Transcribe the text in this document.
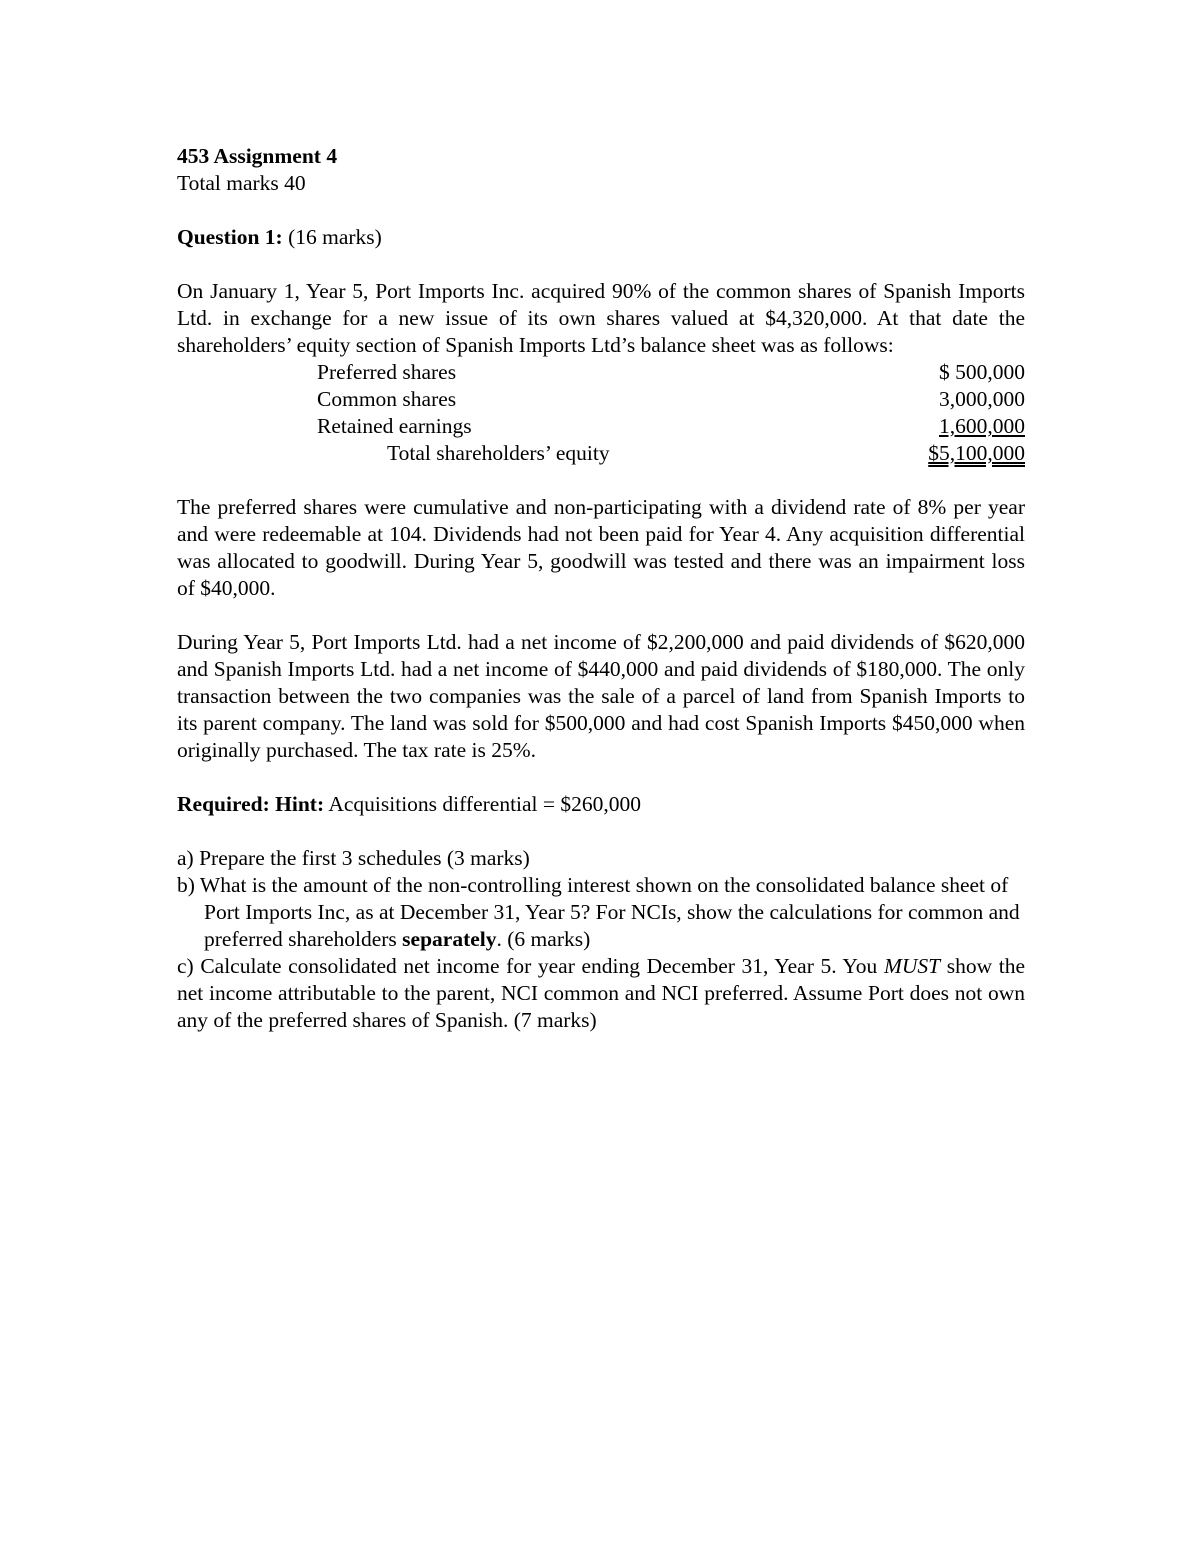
453 Assignment 4

Total marks 40

Question 1: (16 marks)

On January 1, Year 5, Port Imports Inc. acquired 90% of the common shares of Spanish Imports Ltd. in exchange for a new issue of its own shares valued at $4,320,000. At that date the shareholders’ equity section of Spanish Imports Ltd’s balance sheet was as follows:

Preferred shares	$ 500,000
Common shares	3,000,000
Retained earnings	1,600,000
Total shareholders’ equity	$5,100,000

The preferred shares were cumulative and non-participating with a dividend rate of 8% per year and were redeemable at 104. Dividends had not been paid for Year 4. Any acquisition differential was allocated to goodwill. During Year 5, goodwill was tested and there was an impairment loss of $40,000.

During Year 5, Port Imports Ltd. had a net income of $2,200,000 and paid dividends of $620,000 and Spanish Imports Ltd. had a net income of $440,000 and paid dividends of $180,000. The only transaction between the two companies was the sale of a parcel of land from Spanish Imports to its parent company. The land was sold for $500,000 and had cost Spanish Imports $450,000 when originally purchased. The tax rate is 25%.

Required: Hint: Acquisitions differential = $260,000

a) Prepare the first 3 schedules (3 marks)

b) What is the amount of the non-controlling interest shown on the consolidated balance sheet of Port Imports Inc, as at December 31, Year 5? For NCIs, show the calculations for common and preferred shareholders separately. (6 marks)

c) Calculate consolidated net income for year ending December 31, Year 5. You MUST show the net income attributable to the parent, NCI common and NCI preferred. Assume Port does not own any of the preferred shares of Spanish. (7 marks)
